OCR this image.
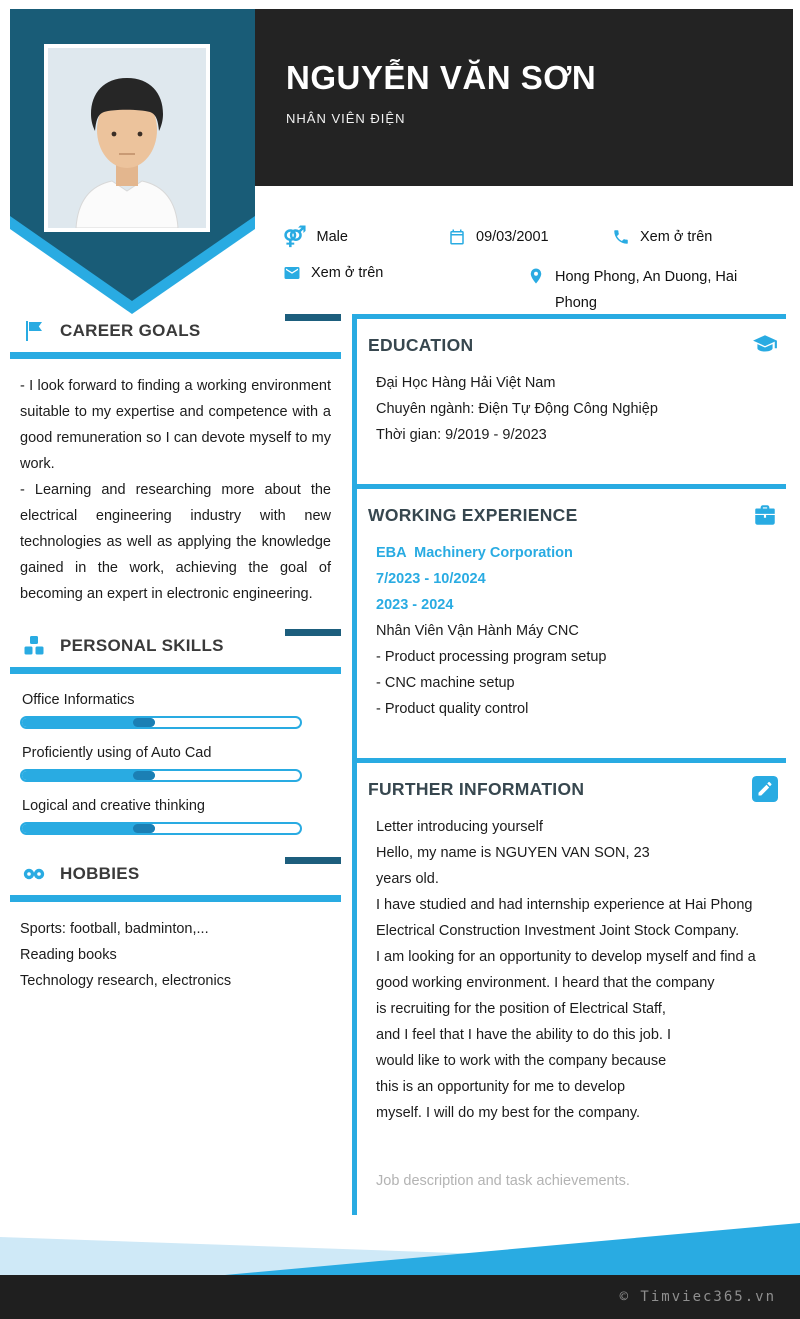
NGUYỄN VĂN SƠN
NHÂN VIÊN ĐIỆN
⚤ Male	09/03/2001	Xem ở trên
Xem ở trên	Hong Phong, An Duong, Hai Phong
CAREER GOALS
- I look forward to finding a working environment suitable to my expertise and competence with a good remuneration so I can devote myself to my work.
- Learning and researching more about the electrical engineering industry with new technologies as well as applying the knowledge gained in the work, achieving the goal of becoming an expert in electronic engineering.
PERSONAL SKILLS
Office Informatics
Proficiently using of Auto Cad
Logical and creative thinking
HOBBIES
Sports: football, badminton,...
Reading books
Technology research, electronics
EDUCATION
Đại Học Hàng Hải Việt Nam
Chuyên ngành: Điện Tự Động Công Nghiệp
Thời gian: 9/2019 - 9/2023
WORKING EXPERIENCE
EBA  Machinery Corporation
7/2023 - 10/2024
2023 - 2024
Nhân Viên Vận Hành Máy CNC
- Product processing program setup
- CNC machine setup
- Product quality control
FURTHER INFORMATION
Letter introducing yourself
Hello, my name is NGUYEN VAN SON, 23
years old.
I have studied and had internship experience at Hai Phong
Electrical Construction Investment Joint Stock Company.
I am looking for an opportunity to develop myself and find a
good working environment. I heard that the company
is recruiting for the position of Electrical Staff,
and I feel that I have the ability to do this job. I
would like to work with the company because
this is an opportunity for me to develop
myself. I will do my best for the company.
Job description and task achievements.
© Timviec365.vn
